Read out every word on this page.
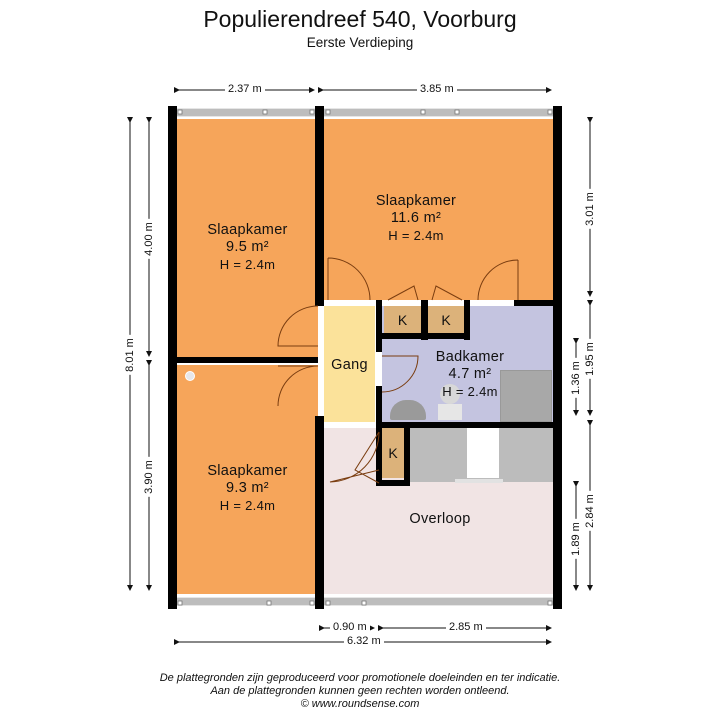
Populierendreef 540, Voorburg
Eerste Verdieping
K	K
K
Slaapkamer
9.5 m²
H = 2.4m
Slaapkamer
11.6 m²
H = 2.4m
Slaapkamer
9.3 m²
H = 2.4m
Gang	Badkamer
4.7 m²
H = 2.4m
Overloop
2.37 m	3.85 m
8.01 m
4.00 m
3.90 m
3.01 m
1.95 m
2.84 m
1.36 m
1.89 m
0.90 m	2.85 m
6.32 m
De plattegronden zijn geproduceerd voor promotionele doeleinden en ter indicatie.
Aan de plattegronden kunnen geen rechten worden ontleend.
© www.roundsense.com
